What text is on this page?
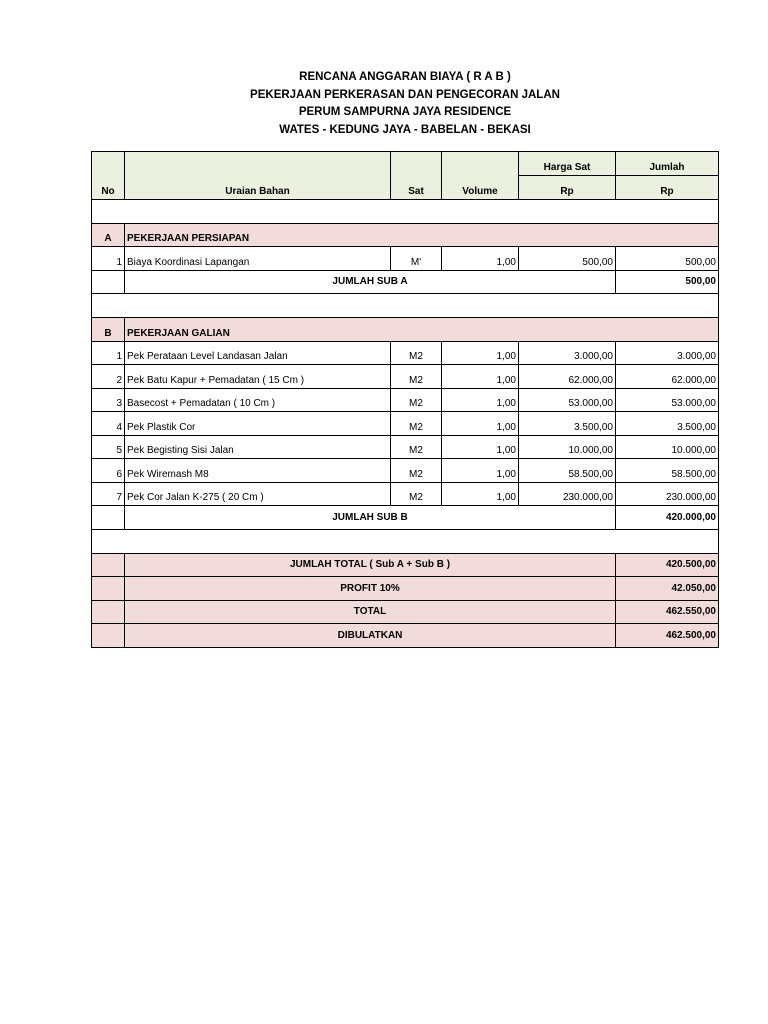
RENCANA ANGGARAN BIAYA ( R A B )
PEKERJAAN PERKERASAN DAN PENGECORAN JALAN
PERUM SAMPURNA JAYA RESIDENCE
WATES - KEDUNG JAYA - BABELAN - BEKASI
No	Uraian Bahan	Sat	Volume	Harga Sat	Jumlah
				Rp	Rp

A	PEKERJAAN PERSIAPAN				
1	Biaya Koordinasi Lapangan	M'	1,00	500,00	500,00
	JUMLAH SUB A				500,00

B	PEKERJAAN GALIAN				
1	Pek Perataan Level Landasan Jalan	M2	1,00	3.000,00	3.000,00
2	Pek Batu Kapur + Pemadatan ( 15 Cm )	M2	1,00	62.000,00	62.000,00
3	Basecost + Pemadatan ( 10 Cm )	M2	1,00	53.000,00	53.000,00
4	Pek Plastik Cor	M2	1,00	3.500,00	3.500,00
5	Pek Begisting Sisi Jalan	M2	1,00	10.000,00	10.000,00
6	Pek Wiremash M8	M2	1,00	58.500,00	58.500,00
7	Pek Cor Jalan K-275 ( 20 Cm )	M2	1,00	230.000,00	230.000,00
	JUMLAH SUB B				420.000,00

	JUMLAH TOTAL ( Sub A + Sub B )				420.500,00
	PROFIT 10%				42.050,00
	TOTAL				462.550,00
	DIBULATKAN				462.500,00
